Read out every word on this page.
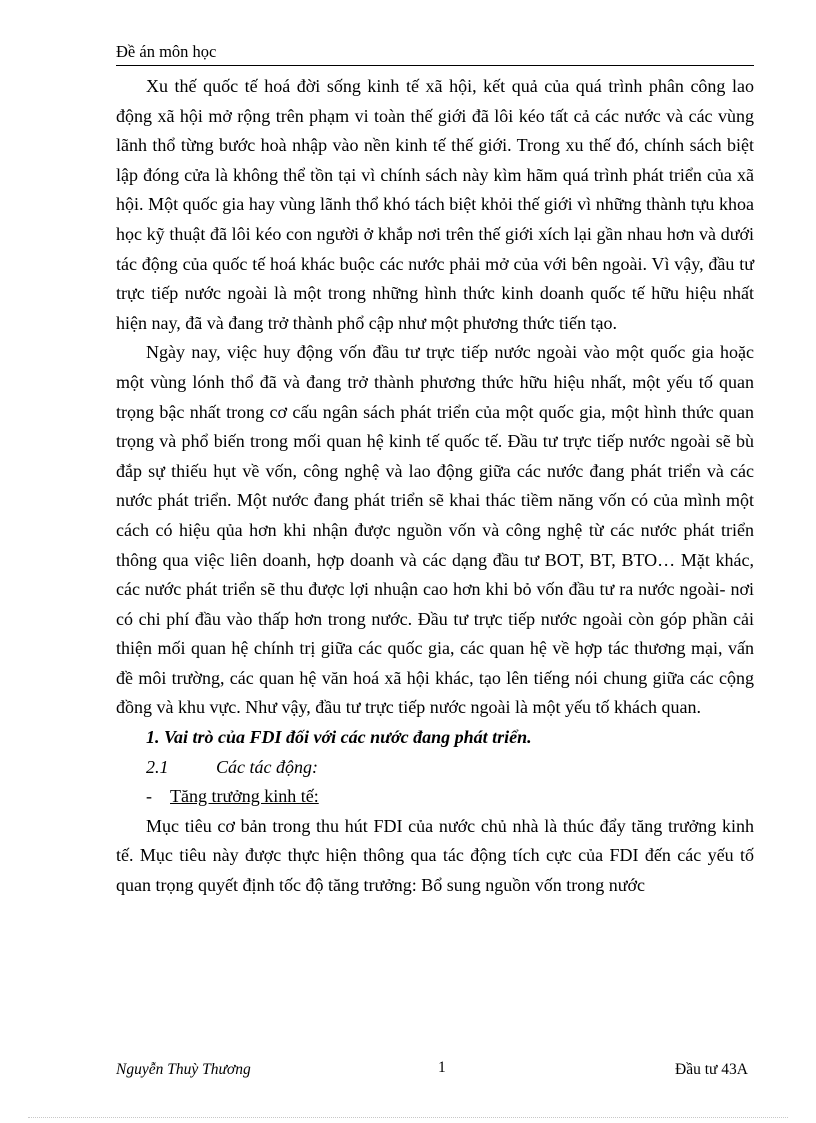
Đề án môn học

Xu thế quốc tế hoá đời sống kinh tế xã hội, kết quả của quá trình phân công lao động xã hội mở rộng trên phạm vi toàn thế giới đã lôi kéo tất cả các nước và các vùng lãnh thổ từng bước hoà nhập vào nền kinh tế thế giới. Trong xu thế đó, chính sách biệt lập đóng cửa là không thể tồn tại vì chính sách này kìm hãm quá trình phát triển của xã hội. Một quốc gia hay vùng lãnh thổ khó tách biệt khỏi thế giới vì những thành tựu khoa học kỹ thuật đã lôi kéo con người ở khắp nơi trên thế giới xích lại gần nhau hơn và dưới tác động của quốc tế hoá khác buộc các nước phải mở của với bên ngoài. Vì vậy, đầu tư trực tiếp nước ngoài là một trong những hình thức kinh doanh quốc tế hữu hiệu nhất hiện nay, đã và đang trở thành phổ cập như một phương thức tiến tạo.

Ngày nay, việc huy động vốn đầu tư trực tiếp nước ngoài vào một quốc gia hoặc một vùng lónh thổ đã và đang trở thành phương thức hữu hiệu nhất, một yếu tố quan trọng bậc nhất trong cơ cấu ngân sách phát triển của một quốc gia, một hình thức quan trọng và phổ biến trong mối quan hệ kinh tế quốc tế. Đầu tư trực tiếp nước ngoài sẽ bù đắp sự thiếu hụt về vốn, công nghệ và lao động giữa các nước đang phát triển và các nước phát triển. Một nước đang phát triển sẽ khai thác tiềm năng vốn có của mình một cách có hiệu qủa hơn khi nhận được nguồn vốn và công nghệ từ các nước phát triển thông qua việc liên doanh, hợp doanh và các dạng đầu tư BOT, BT, BTO… Mặt khác, các nước phát triển sẽ thu được lợi nhuận cao hơn khi bỏ vốn đầu tư ra nước ngoài- nơi có chi phí đầu vào thấp hơn trong nước. Đầu tư trực tiếp nước ngoài còn góp phần cải thiện mối quan hệ chính trị giữa các quốc gia, các quan hệ về hợp tác thương mại, vấn đề môi trường, các quan hệ văn hoá xã hội khác, tạo lên tiếng nói chung giữa các cộng đồng và khu vực. Như vậy, đầu tư trực tiếp nước ngoài là một yếu tố khách quan.

1. Vai trò của FDI đối với các nước đang phát triển.
2.1	Các tác động:
- Tăng trưởng kinh tế:

Mục tiêu cơ bản trong thu hút FDI của nước chủ nhà là thúc đẩy tăng trưởng kinh tế. Mục tiêu này được thực hiện thông qua tác động tích cực của FDI đến các yếu tố quan trọng quyết định tốc độ tăng trưởng: Bổ sung nguồn vốn trong nước

Nguyễn Thuỳ Thương	1	Đầu tư 43A
